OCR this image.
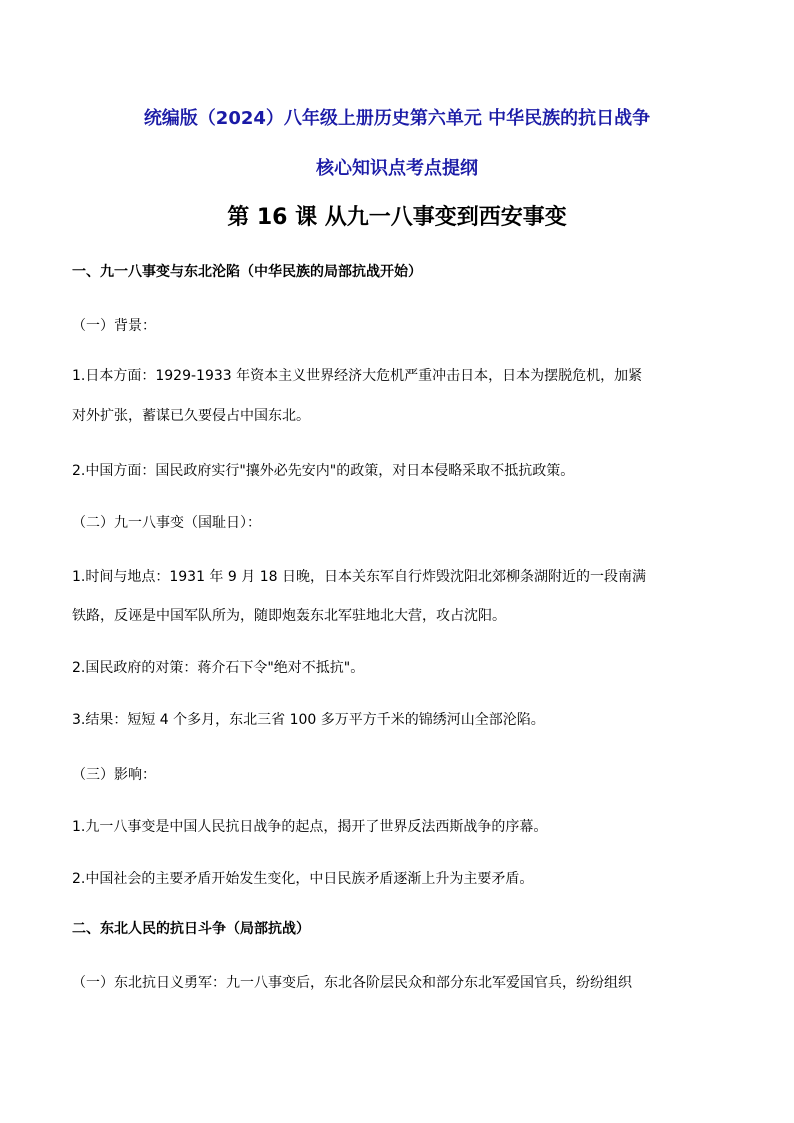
统编版（2024）八年级上册历史第六单元 中华民族的抗日战争
核心知识点考点提纲
第 16 课 从九一八事变到西安事变
一、九一八事变与东北沦陷（中华民族的局部抗战开始）
（一）背景：
1.日本方面：1929-1933 年资本主义世界经济大危机严重冲击日本，日本为摆脱危机，加紧
对外扩张，蓄谋已久要侵占中国东北。
2.中国方面：国民政府实行"攘外必先安内"的政策，对日本侵略采取不抵抗政策。
（二）九一八事变（国耻日）：
1.时间与地点：1931 年 9 月 18 日晚，日本关东军自行炸毁沈阳北郊柳条湖附近的一段南满
铁路，反诬是中国军队所为，随即炮轰东北军驻地北大营，攻占沈阳。
2.国民政府的对策：蒋介石下令"绝对不抵抗"。
3.结果：短短 4 个多月，东北三省 100 多万平方千米的锦绣河山全部沦陷。
（三）影响：
1.九一八事变是中国人民抗日战争的起点，揭开了世界反法西斯战争的序幕。
2.中国社会的主要矛盾开始发生变化，中日民族矛盾逐渐上升为主要矛盾。
二、东北人民的抗日斗争（局部抗战）
（一）东北抗日义勇军：九一八事变后，东北各阶层民众和部分东北军爱国官兵，纷纷组织
